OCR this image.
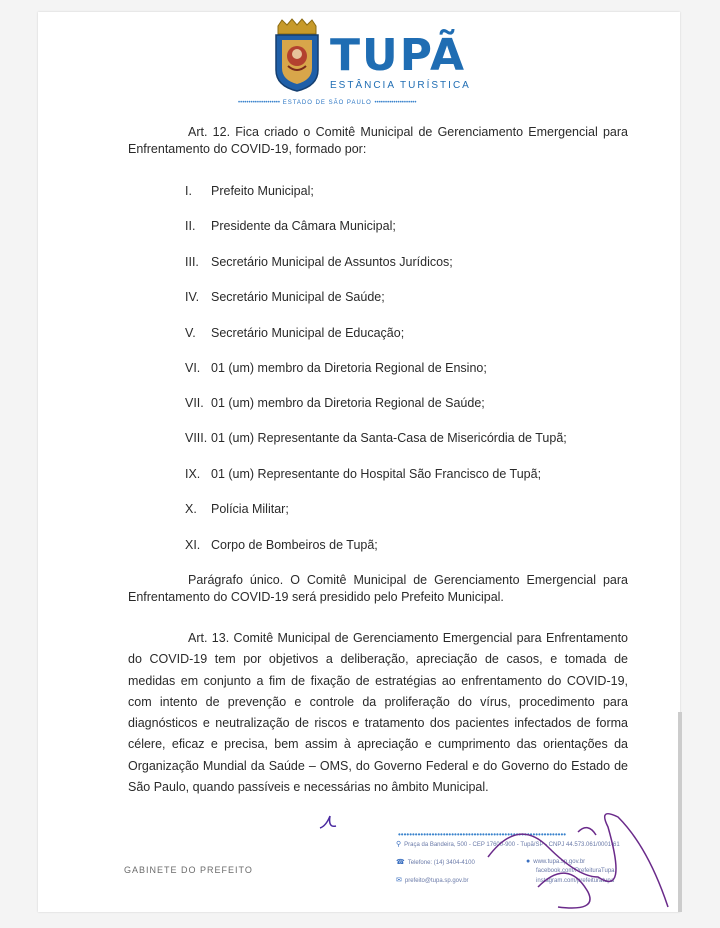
TUPÃ
ESTÂNCIA TURÍSTICA
•••••••••••••••••••• ESTADO DE SÃO PAULO ••••••••••••••••••••
Art. 12. Fica criado o Comitê Municipal de Gerenciamento Emergencial para Enfrentamento do COVID-19, formado por:
I. Prefeito Municipal;
II. Presidente da Câmara Municipal;
III. Secretário Municipal de Assuntos Jurídicos;
IV. Secretário Municipal de Saúde;
V. Secretário Municipal de Educação;
VI. 01 (um) membro da Diretoria Regional de Ensino;
VII. 01 (um) membro da Diretoria Regional de Saúde;
VIII. 01 (um) Representante da Santa-Casa de Misericórdia de Tupã;
IX. 01 (um) Representante do Hospital São Francisco de Tupã;
X. Polícia Militar;
XI. Corpo de Bombeiros de Tupã;
Parágrafo único. O Comitê Municipal de Gerenciamento Emergencial para Enfrentamento do COVID-19 será presidido pelo Prefeito Municipal.
Art. 13. Comitê Municipal de Gerenciamento Emergencial para Enfrentamento do COVID-19 tem por objetivos a deliberação, apreciação de casos, e tomada de medidas em conjunto a fim de fixação de estratégias ao enfrentamento do COVID-19, com intento de prevenção e controle da proliferação do vírus, procedimento para diagnósticos e neutralização de riscos e tratamento dos pacientes infectados de forma célere, eficaz e precisa, bem assim à apreciação e cumprimento das orientações da Organização Mundial da Saúde – OMS, do Governo Federal e do Governo do Estado de São Paulo, quando passíveis e necessárias no âmbito Municipal.
GABINETE DO PREFEITO
••••••••••••••••••••••••••••••••••••••••••••••••••••••••••••
⚲ Praça da Bandeira, 500 - CEP 17600-900 - Tupã/SP - CNPJ 44.573.061/0001-61
☎ Telefone: (14) 3404-4100	● www.tupa.sp.gov.br
facebook.com/PrefeituraTupa
✉ prefeito@tupa.sp.gov.br	instagram.com/prefeituratupa
